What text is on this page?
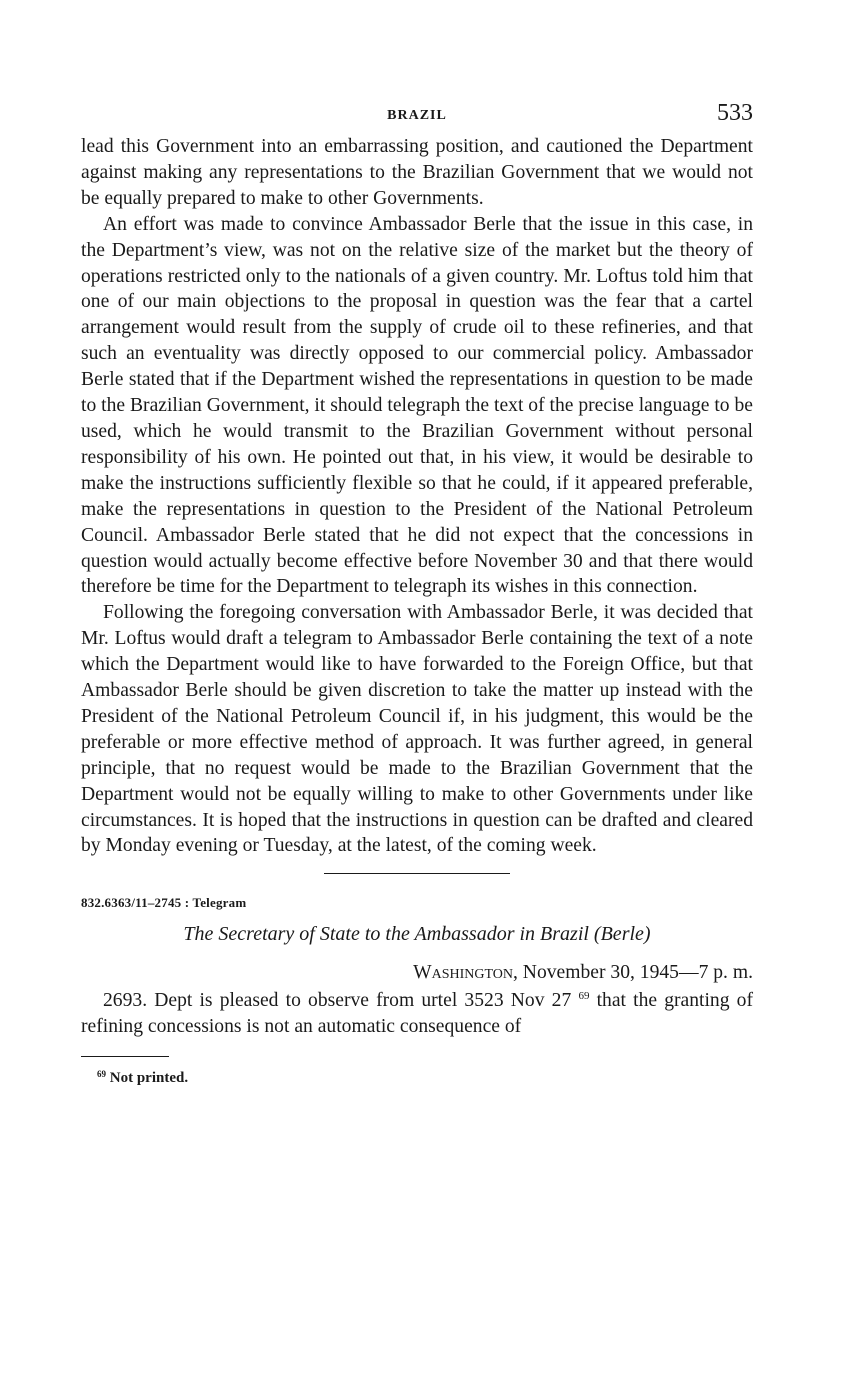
BRAZIL	533

lead this Government into an embarrassing position, and cautioned the Department against making any representations to the Brazilian Government that we would not be equally prepared to make to other Governments.

An effort was made to convince Ambassador Berle that the issue in this case, in the Department’s view, was not on the relative size of the market but the theory of operations restricted only to the nationals of a given country. Mr. Loftus told him that one of our main objections to the proposal in question was the fear that a cartel arrangement would result from the supply of crude oil to these refineries, and that such an eventuality was directly opposed to our commercial policy. Ambassador Berle stated that if the Department wished the representations in question to be made to the Brazilian Government, it should telegraph the text of the precise language to be used, which he would transmit to the Brazilian Government without personal responsibility of his own. He pointed out that, in his view, it would be desirable to make the instructions sufficiently flexible so that he could, if it appeared preferable, make the representations in question to the President of the National Petroleum Council. Ambassador Berle stated that he did not expect that the concessions in question would actually become effective before November 30 and that there would therefore be time for the Department to telegraph its wishes in this connection.

Following the foregoing conversation with Ambassador Berle, it was decided that Mr. Loftus would draft a telegram to Ambassador Berle containing the text of a note which the Department would like to have forwarded to the Foreign Office, but that Ambassador Berle should be given discretion to take the matter up instead with the President of the National Petroleum Council if, in his judgment, this would be the preferable or more effective method of approach. It was further agreed, in general principle, that no request would be made to the Brazilian Government that the Department would not be equally willing to make to other Governments under like circumstances. It is hoped that the instructions in question can be drafted and cleared by Monday evening or Tuesday, at the latest, of the coming week.

832.6363/11–2745 : Telegram
The Secretary of State to the Ambassador in Brazil (Berle)
Washington, November 30, 1945—7 p. m.

2693. Dept is pleased to observe from urtel 3523 Nov 27 $^{69}$ that the granting of refining concessions is not an automatic consequence of

$^{69}$ Not printed.
